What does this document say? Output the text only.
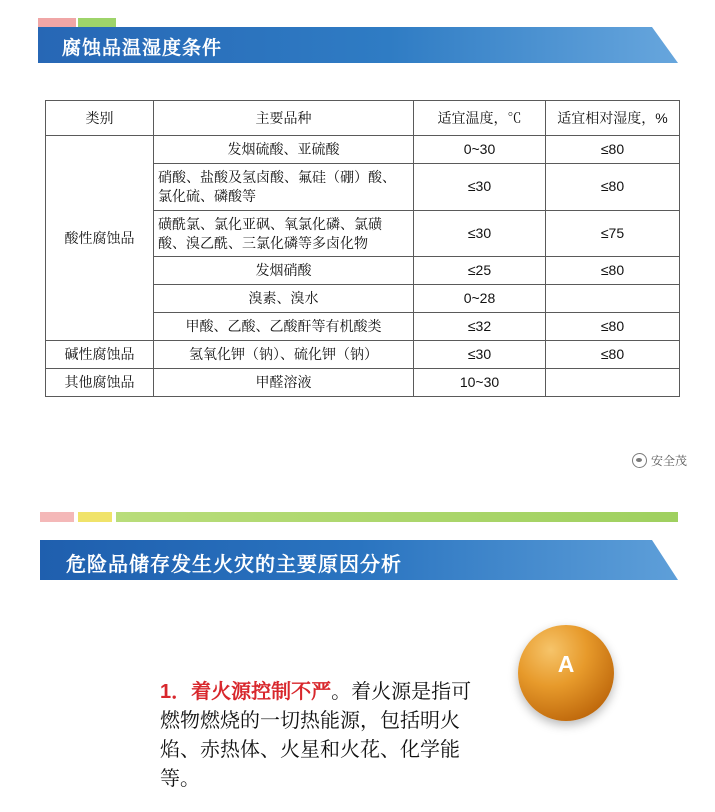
腐蚀品温湿度条件
类别	主要品种	适宜温度，℃	适宜相对湿度，%
酸性腐蚀品	发烟硫酸、亚硫酸	0~30	≤80
	硝酸、盐酸及氢卤酸、氟硅（硼）酸、氯化硫、磷酸等	≤30	≤80
	磺酰氯、氯化亚砜、氧氯化磷、氯磺酸、溴乙酰、三氯化磷等多卤化物	≤30	≤75
	发烟硝酸	≤25	≤80
	溴素、溴水	0~28	
	甲酸、乙酸、乙酸酐等有机酸类	≤32	≤80
碱性腐蚀品	氢氧化钾（钠）、硫化钾（钠）	≤30	≤80
其他腐蚀品	甲醛溶液	10~30	
安全茂
危险品储存发生火灾的主要原因分析
A
1．着火源控制不严。着火源是指可燃物燃烧的一切热能源，包括明火焰、赤热体、火星和火花、化学能等。
